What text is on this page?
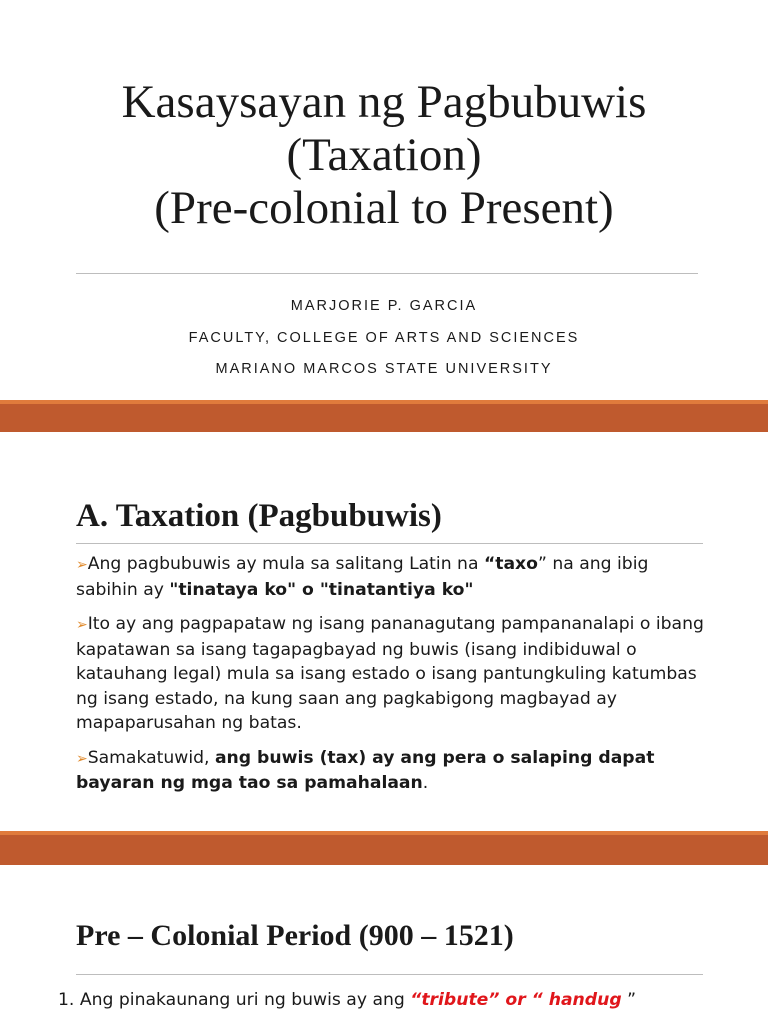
Kasaysayan ng Pagbubuwis
(Taxation)
(Pre-colonial to Present)
MARJORIE P. GARCIA
FACULTY, COLLEGE OF ARTS AND SCIENCES
MARIANO MARCOS STATE UNIVERSITY
A. Taxation (Pagbubuwis)
➢Ang pagbubuwis ay mula sa salitang Latin na “taxo” na ang ibig sabihin ay "tinataya ko" o "tinatantiya ko"
➢Ito ay ang pagpapataw ng isang pananagutang pampananalapi o ibang kapatawan sa isang tagapagbayad ng buwis (isang indibiduwal o katauhang legal) mula sa isang estado o isang pantungkuling katumbas ng isang estado, na kung saan ang pagkabigong magbayad ay mapaparusahan ng batas.
➢Samakatuwid, ang buwis (tax) ay ang pera o salaping dapat bayaran ng mga tao sa pamahalaan.
Pre – Colonial Period (900 – 1521)
1. Ang pinakaunang uri ng buwis ay ang “tribute” or “ handug ”
